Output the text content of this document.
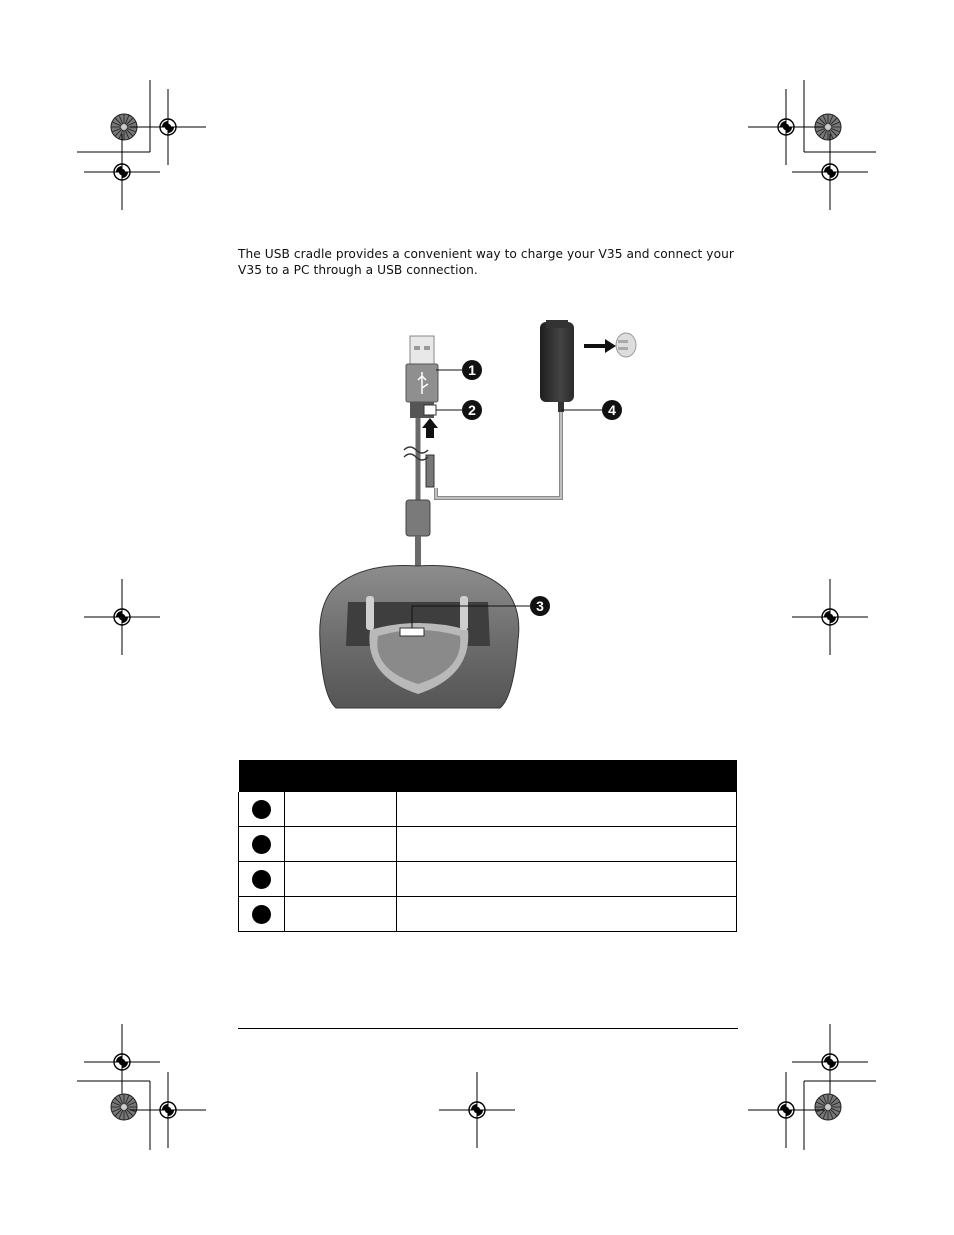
The USB cradle provides a convenient way to charge your V35 and connect your

V35 to a PC through a USB connection.

1
2
3
4
